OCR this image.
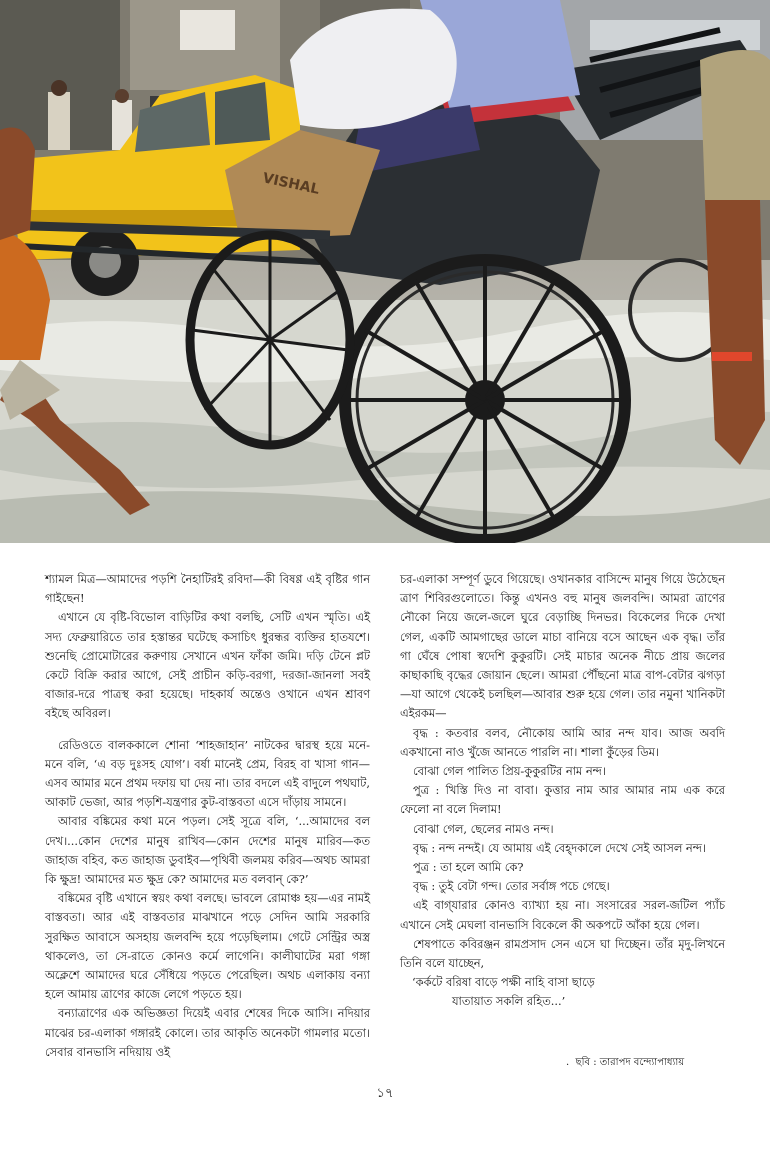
VISHAL

শ্যামল মিত্র—আমাদের পড়শি নৈহাটিরই রবিদা—কী বিষণ্ণ এই বৃষ্টির গান গাইছেন!

এখানে যে বৃষ্টি-বিভোল বাড়িটির কথা বলছি, সেটি এখন স্মৃতি। এই সদ্য ফেব্রুয়ারিতে তার হস্তান্তর ঘটেছে কসাচিৎ ধুরন্ধর ব্যক্তির হাতযশে। শুনেছি প্রোমোটারের করুণায় সেখানে এখন ফাঁকা জমি। দড়ি টেনে প্লট কেটে বিক্রি করার আগে, সেই প্রাচীন কড়ি-বরগা, দরজা-জানলা সবই বাজার-দরে পাত্রস্থ করা হয়েছে। দাহকার্য অন্তেও ওখানে এখন শ্রাবণ বইছে অবিরল।

রেডিওতে বালককালে শোনা ‘শাহজাহান’ নাটকের দ্বারস্থ হয়ে মনে-মনে বলি, ‘এ বড় দুঃসহ যোগ’। বর্ষা মানেই প্রেম, বিরহ বা খাসা গান—এসব আমার মনে প্রথম দফায় ঘা দেয় না। তার বদলে এই বাদুলে পথঘাট, আকাট ভেজা, আর পড়শি-যন্ত্রণার কুট-বাস্তবতা এসে দাঁড়ায় সামনে।

আবার বঙ্কিমের কথা মনে পড়ল। সেই সূত্রে বলি, ‘...আমাদের বল দেখ।...কোন দেশের মানুষ রাখিব—কোন দেশের মানুষ মারিব—কত জাহাজ বহিব, কত জাহাজ ডুবাইব—পৃথিবী জলময় করিব—অথচ আমরা কি ক্ষুদ্র! আমাদের মত ক্ষুদ্র কে? আমাদের মত বলবান্ কে?’

বঙ্কিমের বৃষ্টি এখানে স্বয়ং কথা বলছে। ভাবলে রোমাঞ্চ হয়—এর নামই বাস্তবতা। আর এই বাস্তবতার মাঝখানে পড়ে সেদিন আমি সরকারি সুরক্ষিত আবাসে অসহায় জলবন্দি হয়ে পড়েছিলাম। গেটে সেন্ট্রির অস্ত্র থাকলেও, তা সে-রাতে কোনও কর্মে লাগেনি। কালীঘাটের মরা গঙ্গা অক্লেশে আমাদের ঘরে সেঁধিয়ে পড়তে পেরেছিল। অথচ এলাকায় বন্যা হলে আমায় ত্রাণের কাজে লেগে পড়তে হয়।

বন্যাত্রাণের এক অভিজ্ঞতা দিয়েই এবার শেষের দিকে আসি। নদিয়ার মাঝের চর-এলাকা গঙ্গারই কোলে। তার আকৃতি অনেকটা গামলার মতো। সেবার বানভাসি নদিয়ায় ওই

চর-এলাকা সম্পূর্ণ ডুবে গিয়েছে। ওখানকার বাসিন্দে মানুষ গিয়ে উঠেছেন ত্রাণ শিবিরগুলোতে। কিন্তু এখনও বহু মানুষ জলবন্দি। আমরা ত্রাণের নৌকো নিয়ে জলে-জলে ঘুরে বেড়াচ্ছি দিনভর। বিকেলের দিকে দেখা গেল, একটি আমগাছের ডালে মাচা বানিয়ে বসে আছেন এক বৃদ্ধ। তাঁর গা ঘেঁষে পোষা স্বদেশি কুকুরটি। সেই মাচার অনেক নীচে প্রায় জলের কাছাকাছি বৃদ্ধের জোয়ান ছেলে। আমরা পৌঁছনো মাত্র বাপ-বেটার ঝগড়া—যা আগে থেকেই চলছিল—আবার শুরু হয়ে গেল। তার নমুনা খানিকটা এইরকম—

বৃদ্ধ : কতবার বলব, নৌকোয় আমি আর নন্দ যাব। আজ অবদি একখানো নাও খুঁজে আনতে পারলি না। শালা কুঁড়ের ডিম।

বোঝা গেল পালিত প্রিয়-কুকুরটির নাম নন্দ।

পুত্র : খিস্তি দিও না বাবা। কুত্তার নাম আর আমার নাম এক করে ফেলো না বলে দিলাম!

বোঝা গেল, ছেলের নামও নন্দ।

বৃদ্ধ : নন্দ নন্দই। যে আমায় এই বেহ্দকালে দেখে সেই আসল নন্দ।

পুত্র : তা হলে আমি কে?

বৃদ্ধ : তুই বেটা গন্দ। তোর সর্বাঙ্গ পচে গেছে।

এই বাগ্‌যারার কোনও ব্যাখ্যা হয় না। সংসারের সরল-জটিল প্যাঁচ এখানে সেই মেঘলা বানভাসি বিকেলে কী অকপটে আঁকা হয়ে গেল।

শেষপাতে কবিরঞ্জন রামপ্রসাদ সেন এসে ঘা দিচ্ছেন। তাঁর মৃদু-লিখনে তিনি বলে যাচ্ছেন,

‘কর্কটে বরিষা বাড়ে পক্ষী নাহি বাসা ছাড়ে

যাতায়াত সকলি রহিত...’

.  ছবি : তারাপদ বন্দ্যোপাধ্যায়
১৭
